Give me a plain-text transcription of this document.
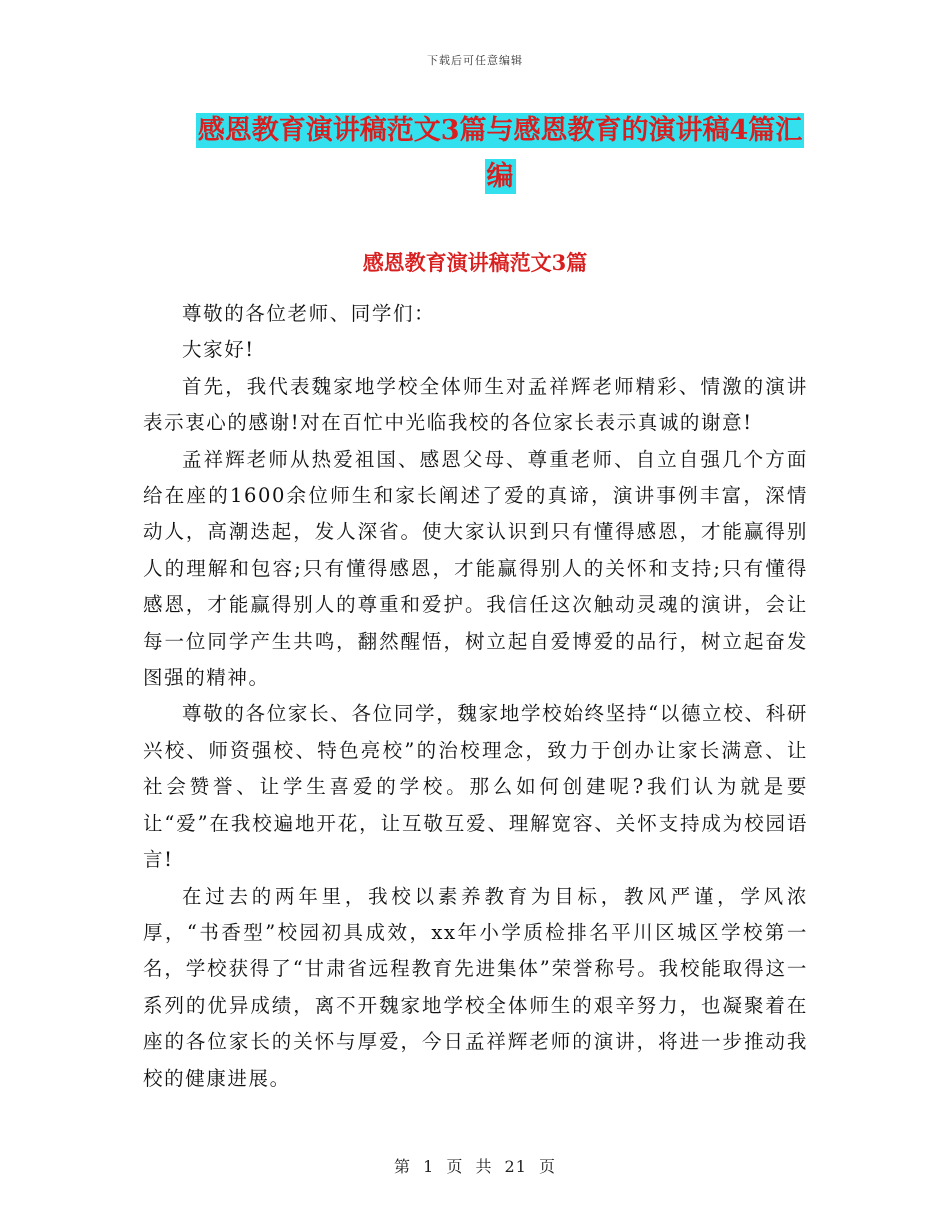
下载后可任意编辑
感恩教育演讲稿范文3篇与感恩教育的演讲稿4篇汇编
感恩教育演讲稿范文3篇

尊敬的各位老师、同学们：

大家好!

首先，我代表魏家地学校全体师生对孟祥辉老师精彩、情激的演讲表示衷心的感谢!对在百忙中光临我校的各位家长表示真诚的谢意!

孟祥辉老师从热爱祖国、感恩父母、尊重老师、自立自强几个方面给在座的1600余位师生和家长阐述了爱的真谛，演讲事例丰富，深情动人，高潮迭起，发人深省。使大家认识到只有懂得感恩，才能赢得别人的理解和包容;只有懂得感恩，才能赢得别人的关怀和支持;只有懂得感恩，才能赢得别人的尊重和爱护。我信任这次触动灵魂的演讲，会让每一位同学产生共鸣，翻然醒悟，树立起自爱博爱的品行，树立起奋发图强的精神。

尊敬的各位家长、各位同学，魏家地学校始终坚持“以德立校、科研兴校、师资强校、特色亮校”的治校理念，致力于创办让家长满意、让社会赞誉、让学生喜爱的学校。那么如何创建呢?我们认为就是要让“爱”在我校遍地开花，让互敬互爱、理解宽容、关怀支持成为校园语言!

在过去的两年里，我校以素养教育为目标，教风严谨，学风浓厚，“书香型”校园初具成效，xx年小学质检排名平川区城区学校第一名，学校获得了“甘肃省远程教育先进集体”荣誉称号。我校能取得这一系列的优异成绩，离不开魏家地学校全体师生的艰辛努力，也凝聚着在座的各位家长的关怀与厚爱，今日孟祥辉老师的演讲，将进一步推动我校的健康进展。

第 1 页 共 21 页
